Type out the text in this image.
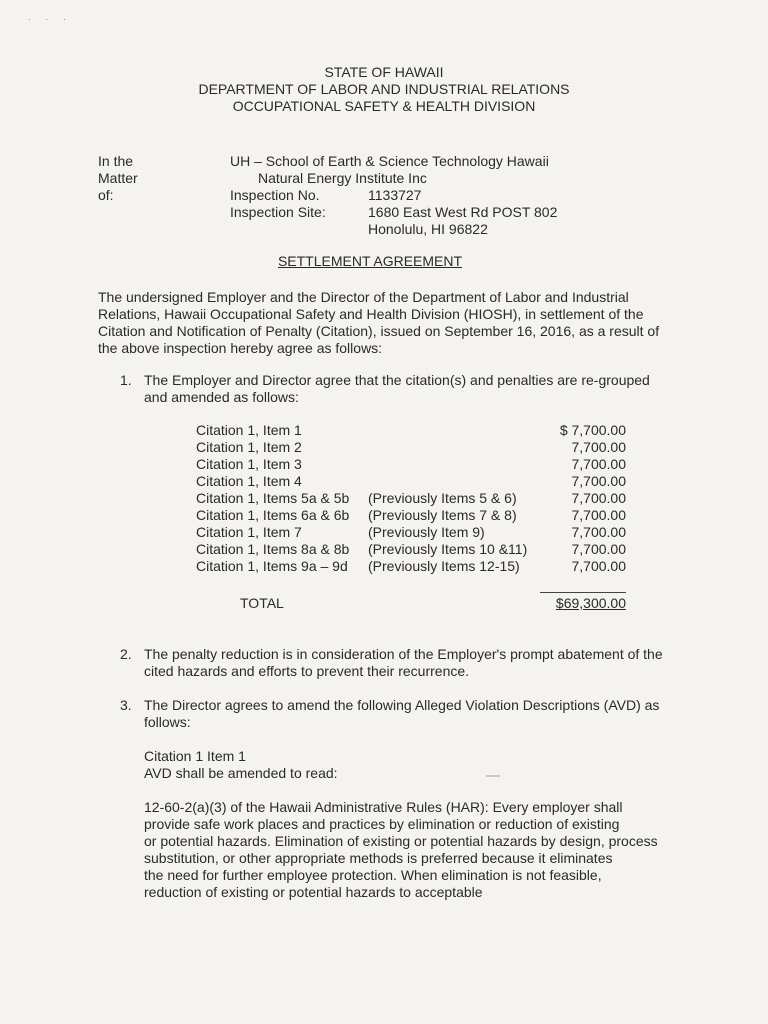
· · ·
STATE OF HAWAII
DEPARTMENT OF LABOR AND INDUSTRIAL RELATIONS
OCCUPATIONAL SAFETY & HEALTH DIVISION
In the Matter of:
UH – School of Earth & Science Technology Hawaii
Natural Energy Institute Inc
Inspection No.	1133727
Inspection Site:	1680 East West Rd POST 802
Honolulu, HI 96822
SETTLEMENT AGREEMENT
The undersigned Employer and the Director of the Department of Labor and Industrial
Relations, Hawaii Occupational Safety and Health Division (HIOSH), in settlement of the
Citation and Notification of Penalty (Citation), issued on September 16, 2016, as a result of
the above inspection hereby agree as follows:
1. The Employer and Director agree that the citation(s) and penalties are re-grouped
and amended as follows:
Citation 1, Item 1	$ 7,700.00
Citation 1, Item 2	7,700.00
Citation 1, Item 3	7,700.00
Citation 1, Item 4	7,700.00
Citation 1, Items 5a & 5b (Previously Items 5 & 6)	7,700.00
Citation 1, Items 6a & 6b (Previously Items 7 & 8)	7,700.00
Citation 1, Item 7	(Previously Item 9)	7,700.00
Citation 1, Items 8a & 8b (Previously Items 10 &11)	7,700.00
Citation 1, Items 9a – 9d (Previously Items 12-15)	7,700.00
TOTAL	$69,300.00
2. The penalty reduction is in consideration of the Employer's prompt abatement of the
cited hazards and efforts to prevent their recurrence.
3. The Director agrees to amend the following Alleged Violation Descriptions (AVD) as
follows:
Citation 1 Item 1
AVD shall be amended to read:
12-60-2(a)(3) of the Hawaii Administrative Rules (HAR): Every employer shall
provide safe work places and practices by elimination or reduction of existing
or potential hazards. Elimination of existing or potential hazards by design, process
substitution, or other appropriate methods is preferred because it eliminates
the need for further employee protection. When elimination is not feasible,
reduction of existing or potential hazards to acceptable
